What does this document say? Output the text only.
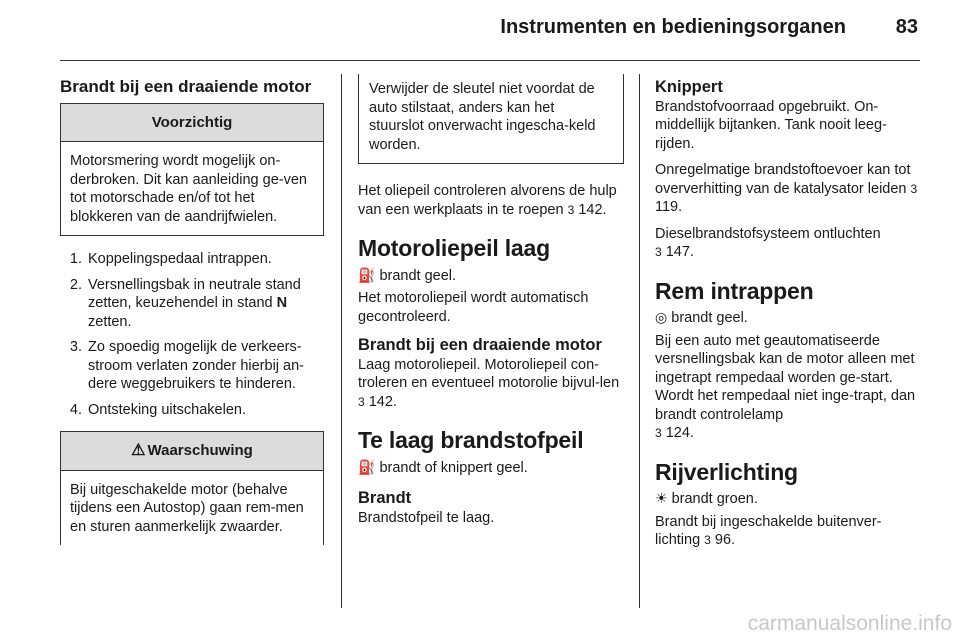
Instrumenten en bedieningsorganen 83
Brandt bij een draaiende motor
Voorzichtig
Motorsmering wordt mogelijk on-derbroken. Dit kan aanleiding ge-ven tot motorschade en/of tot het blokkeren van de aandrijfwielen.
1. Koppelingspedaal intrappen.
2. Versnellingsbak in neutrale stand zetten, keuzehendel in stand N zetten.
3. Zo spoedig mogelijk de verkeers-stroom verlaten zonder hierbij an-dere weggebruikers te hinderen.
4. Ontsteking uitschakelen.
⚠ Waarschuwing
Bij uitgeschakelde motor (behalve tijdens een Autostop) gaan rem-men en sturen aanmerkelijk zwaarder.
Verwijder de sleutel niet voordat de auto stilstaat, anders kan het stuurslot onverwacht ingescha-keld worden.

Het oliepeil controleren alvorens de hulp van een werkplaats in te roepen 3 142.

Motoroliepeil laag

⛽ brandt geel.

Het motoroliepeil wordt automatisch gecontroleerd.

Brandt bij een draaiende motor

Laag motoroliepeil. Motoroliepeil con-troleren en eventueel motorolie bijvul-len 3 142.

Te laag brandstofpeil

⛽ brandt of knippert geel.

Brandt

Brandstofpeil te laag.

Knippert

Brandstofvoorraad opgebruikt. On-middellijk bijtanken. Tank nooit leeg-rijden.

Onregelmatige brandstoftoevoer kan tot oververhitting van de katalysator leiden 3 119.

Dieselbrandstofsysteem ontluchten
3 147.

Rem intrappen

◎ brandt geel.

Bij een auto met geautomatiseerde versnellingsbak kan de motor alleen met ingetrapt rempedaal worden ge-start. Wordt het rempedaal niet inge-trapt, dan brandt controlelamp
3 124.

Rijverlichting

☀ brandt groen.

Brandt bij ingeschakelde buitenver-lichting 3 96.

carmanualsonline.info
